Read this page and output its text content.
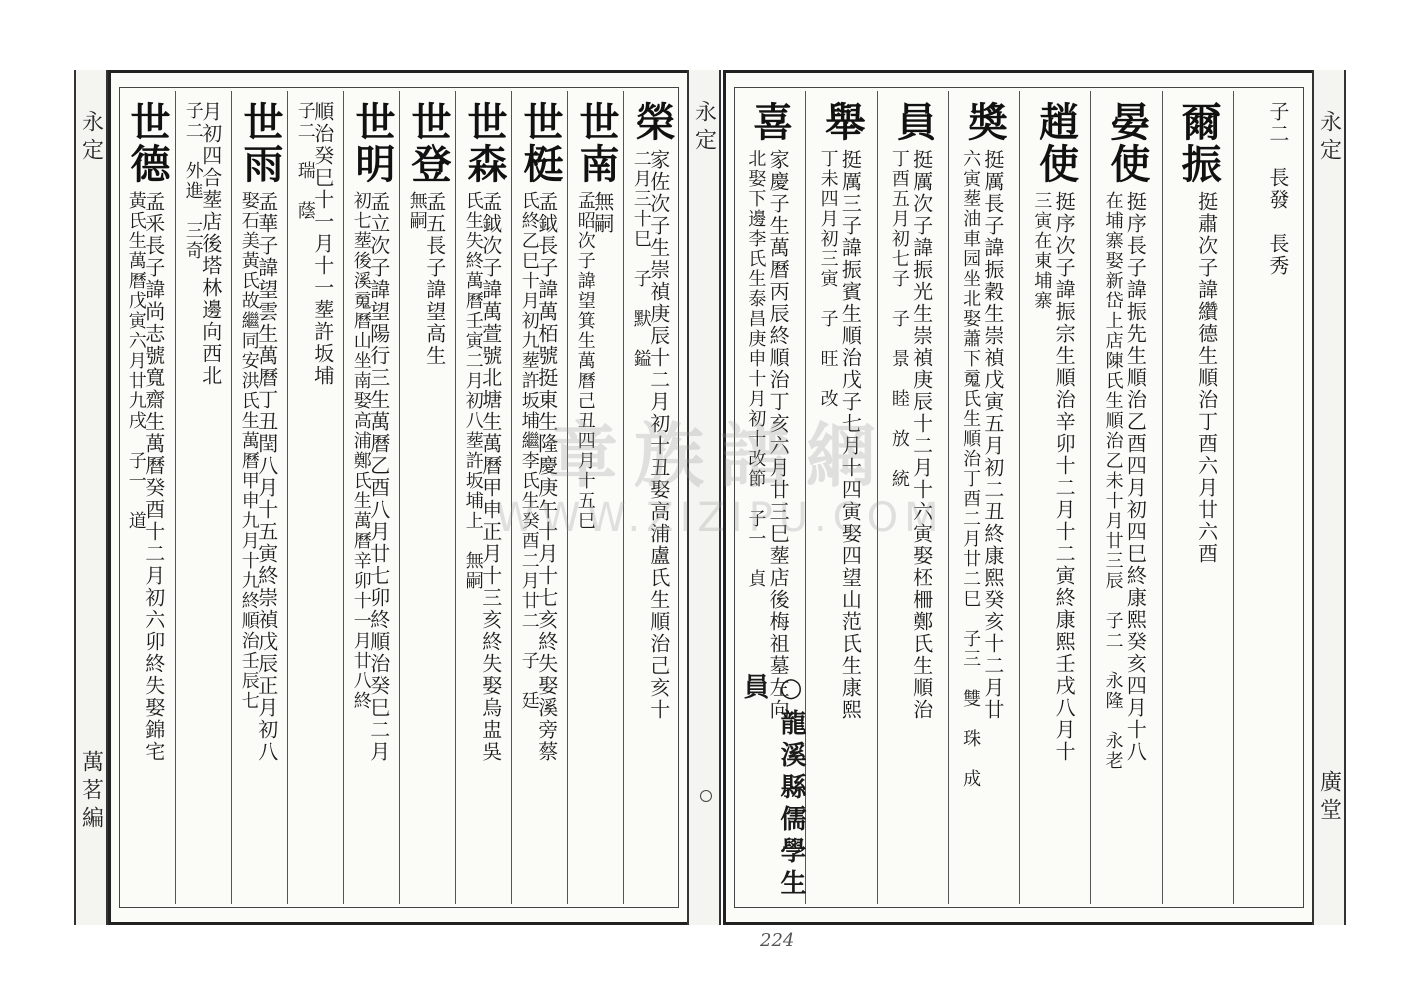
榮
家佐次子生崇禎庚辰十二月初十丑娶高浦盧氏生順治己亥十
二月三十巳　子　默　鎰
世南
無嗣
孟昭次子諱望箕生萬曆己丑四月十五巳
世梃
孟鉞長子諱萬栢號挺東生隆慶庚午十月十七亥終失娶溪旁蔡
氏終乙巳十月初九塟許坂埔繼李氏生癸酉二月廿二　子　廷
世森
孟鉞次子諱萬萱號北塘生萬曆甲申正月十三亥終失娶烏盅吳
氏生失終萬曆壬寅二月初八塟許坂埔上　無嗣
世登
孟五長子諱望高生
無嗣
世明
孟立次子諱望陽行三生萬曆乙酉八月廿七卯終順治癸巳二月
初七塟後溪䰟曆山坐南娶高浦鄭氏生萬曆辛卯十一月廿八終
順治癸巳十一月十一塟許坂埔
子二　瑞　蔭
世雨
孟華子諱望雲生萬曆丁丑閏八月十五寅終崇禎戊辰正月初八
娶石美黃氏故繼同安洪氏生萬曆甲申九月十九終順治壬辰七
月初四合塟店後塔林邊向西北
子二　外進　三奇
世德
孟釆長子諱尚志號寬齋生萬曆癸酉十二月初六卯終失娶錦宅
黃氏生萬曆戊寅六月廿九戌　子一　道
永定	子二　長發　長秀
爾振
挺肅次子諱纘德生順治丁酉六月廿六酉
晏使
挺序長子諱振先生順治乙酉四月初四巳終康熙癸亥四月十八
在埔寨娶新岱上店陳氏生順治乙未十月廿三辰　子二　永隆　永老
趙使
挺序次子諱振宗生順治辛卯十二月十二寅終康熙壬戌八月十
三寅在東埔寨
奬
挺厲長子諱振穀生崇禎戊寅五月初二丑終康熙癸亥十二月廿
六寅塟油車园坐北娶蕭下䰟氏生順治丁酉二月廿二巳　子三　雙　珠　成
員
挺厲次子諱振光生崇禎庚辰十二月十六寅娶柸柵鄭氏生順治
丁酉五月初七子　子　景　睦　放　統
舉
挺厲三子諱振賓生順治戊子七月十四寅娶四望山范氏生康熙
丁未四月初三寅　子　旺　改
喜
家慶子生萬曆丙辰終順治丁亥六月廿三巳塟店後梅祖墓左向
北娶下邊李氏生泰昌庚申十月初十改節　子一　貞
○龍溪縣儒學生員
永定
萬茗編
永定
廣堂
章族譜網
WWW.ZIZIPU.COM
224
